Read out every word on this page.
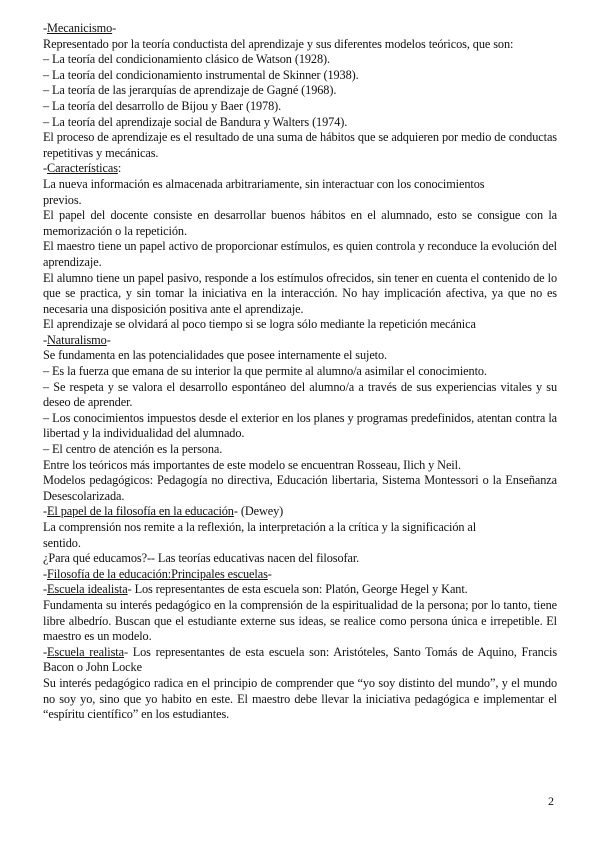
-Mecanicismo-

Representado por la teoría conductista del aprendizaje y sus diferentes modelos teóricos, que son:

– La teoría del condicionamiento clásico de Watson (1928).

– La teoría del condicionamiento instrumental de Skinner (1938).

– La teoría de las jerarquías de aprendizaje de Gagné (1968).

– La teoría del desarrollo de Bijou y Baer (1978).

– La teoría del aprendizaje social de Bandura y Walters (1974).

El proceso de aprendizaje es el resultado de una suma de hábitos que se adquieren por medio de conductas repetitivas y mecánicas.

-Características:

La nueva información es almacenada arbitrariamente, sin interactuar con los conocimientos

previos.

El papel del docente consiste en desarrollar buenos hábitos en el alumnado, esto se consigue con la memorización o la repetición.

El maestro tiene un papel activo de proporcionar estímulos, es quien controla y reconduce la evolución del aprendizaje.

El alumno tiene un papel pasivo, responde a los estímulos ofrecidos, sin tener en cuenta el contenido de lo que se practica, y sin tomar la iniciativa en la interacción. No hay implicación afectiva, ya que no es necesaria una disposición positiva ante el aprendizaje.

El aprendizaje se olvidará al poco tiempo si se logra sólo mediante la repetición mecánica

-Naturalismo-

Se fundamenta en las potencialidades que posee internamente el sujeto.

– Es la fuerza que emana de su interior la que permite al alumno/a asimilar el conocimiento.

– Se respeta y se valora el desarrollo espontáneo del alumno/a a través de sus experiencias vitales y su deseo de aprender.

– Los conocimientos impuestos desde el exterior en los planes y programas predefinidos, atentan contra la libertad y la individualidad del alumnado.

– El centro de atención es la persona.

Entre los teóricos más importantes de este modelo se encuentran Rosseau, Ilich y Neil.

Modelos pedagógicos: Pedagogía no directiva, Educación libertaria, Sistema Montessori o la Enseñanza Desescolarizada.

-El papel de la filosofía en la educación- (Dewey)

La comprensión nos remite a la reflexión, la interpretación a la crítica y la significación al

sentido.

¿Para qué educamos?-- Las teorías educativas nacen del filosofar.

-Filosofía de la educación:Principales escuelas-

-Escuela idealista- Los representantes de esta escuela son: Platón, George Hegel y Kant.

Fundamenta su interés pedagógico en la comprensión de la espiritualidad de la persona; por lo tanto, tiene libre albedrío. Buscan que el estudiante externe sus ideas, se realice como persona única e irrepetible. El maestro es un modelo.

-Escuela realista- Los representantes de esta escuela son: Aristóteles, Santo Tomás de Aquino, Francis Bacon o John Locke

Su interés pedagógico radica en el principio de comprender que “yo soy distinto del mundo”, y el mundo no soy yo, sino que yo habito en este. El maestro debe llevar la iniciativa pedagógica e implementar el “espíritu científico” en los estudiantes.

2
